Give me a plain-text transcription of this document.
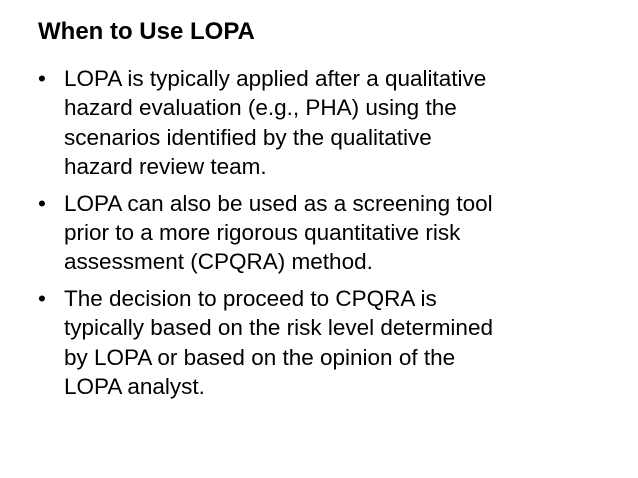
When to Use LOPA
• LOPA is typically applied after a qualitative
hazard evaluation (e.g., PHA) using the
scenarios identified by the qualitative
hazard review team.
• LOPA can also be used as a screening tool
prior to a more rigorous quantitative risk
assessment (CPQRA) method.
• The decision to proceed to CPQRA is
typically based on the risk level determined
by LOPA or based on the opinion of the
LOPA analyst.
